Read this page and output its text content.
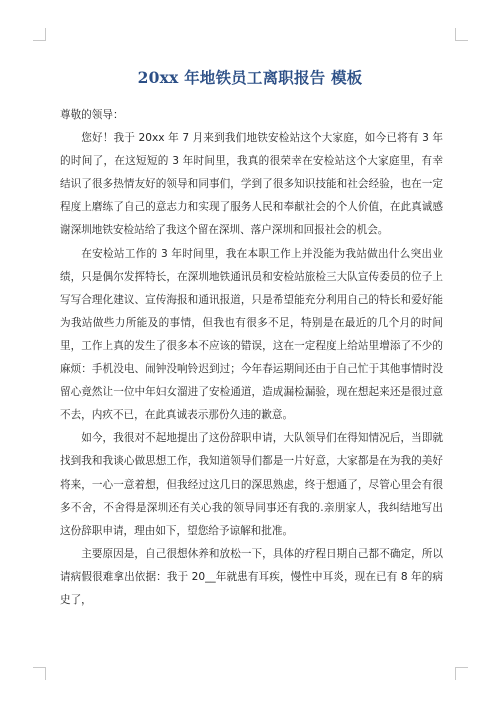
20xx 年地铁员工离职报告 模板

尊敬的领导：

您好！我于 20xx 年 7 月来到我们地铁安检站这个大家庭，如今已将有 3 年的时间了，在这短短的 3 年时间里，我真的很荣幸在安检站这个大家庭里，有幸结识了很多热情友好的领导和同事们，学到了很多知识技能和社会经验，也在一定程度上磨练了自己的意志力和实现了服务人民和奉献社会的个人价值，在此真诚感谢深圳地铁安检站给了我这个留在深圳、落户深圳和回报社会的机会。

在安检站工作的 3 年时间里，我在本职工作上并没能为我站做出什么突出业绩，只是偶尔发挥特长，在深圳地铁通讯员和安检站旅检三大队宣传委员的位子上写写合理化建议、宣传海报和通讯报道，只是希望能充分利用自己的特长和爱好能为我站做些力所能及的事情，但我也有很多不足，特别是在最近的几个月的时间里，工作上真的发生了很多本不应该的错误，这在一定程度上给站里增添了不少的麻烦：手机没电、闹钟没响铃迟到过；今年春运期间还由于自己忙于其他事情时没留心竟然让一位中年妇女溜进了安检通道，造成漏检漏验，现在想起来还是很过意不去，内疚不已，在此真诚表示那份久违的歉意。

如今，我很对不起地提出了这份辞职申请，大队领导们在得知情况后，当即就找到我和我谈心做思想工作，我知道领导们都是一片好意，大家都是在为我的美好将来，一心一意着想，但我经过这几日的深思熟虑，终于想通了，尽管心里会有很多不舍，不舍得是深圳还有关心我的领导同事还有我的.亲朋家人，我纠结地写出这份辞职申请，理由如下，望您给予谅解和批准。

主要原因是，自己很想休养和放松一下，具体的疗程日期自己都不确定，所以请病假很难拿出依据：我于 20__年就患有耳疾，慢性中耳炎，现在已有 8 年的病史了，
